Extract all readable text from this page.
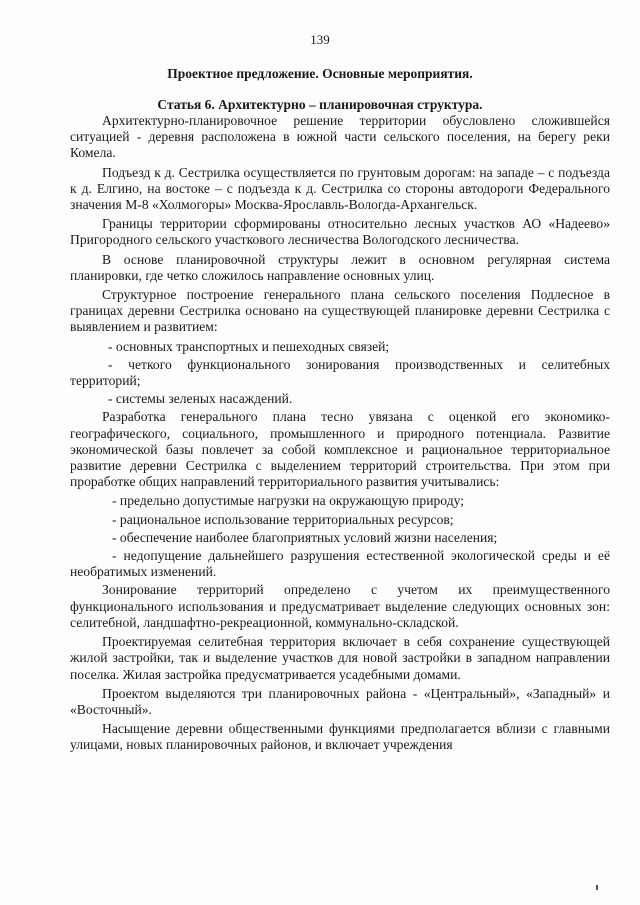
139
Проектное предложение. Основные мероприятия.
Статья 6. Архитектурно – планировочная структура.

Архитектурно-планировочное решение территории обусловлено сложившейся ситуацией - деревня расположена в южной части сельского поселения, на берегу реки Комела.

Подъезд к д. Сестрилка осуществляется по грунтовым дорогам: на западе – с подъезда к д. Елгино, на востоке – с подъезда к д. Сестрилка со стороны автодороги Федерального значения М-8 «Холмогоры» Москва-Ярославль-Вологда-Архангельск.

Границы территории сформированы относительно лесных участков АО «Надеево» Пригородного сельского участкового лесничества Вологодского лесничества.

В основе планировочной структуры лежит в основном регулярная система планировки, где четко сложилось направление основных улиц.

Структурное построение генерального плана сельского поселения Подлесное в границах деревни Сестрилка основано на существующей планировке деревни Сестрилка с выявлением и развитием:

- основных транспортных и пешеходных связей;

- четкого функционального зонирования производственных и селитебных территорий;

- системы зеленых насаждений.

Разработка генерального плана тесно увязана с оценкой его экономико-географического, социального, промышленного и природного потенциала. Развитие экономической базы повлечет за собой комплексное и рациональное территориальное развитие деревни Сестрилка с выделением территорий строительства. При этом при проработке общих направлений территориального развития учитывались:

- предельно допустимые нагрузки на окружающую природу;

- рациональное использование территориальных ресурсов;

- обеспечение наиболее благоприятных условий жизни населения;

- недопущение дальнейшего разрушения естественной экологической среды и её необратимых изменений.

Зонирование территорий определено с учетом их преимущественного функционального использования и предусматривает выделение следующих основных зон: селитебной, ландшафтно-рекреационной, коммунально-складской.

Проектируемая селитебная территория включает в себя сохранение существующей жилой застройки, так и выделение участков для новой застройки в западном направлении поселка. Жилая застройка предусматривается усадебными домами.

Проектом выделяются три планировочных района - «Центральный», «Западный» и «Восточный».

Насыщение деревни общественными функциями предполагается вблизи с главными улицами, новых планировочных районов, и включает учреждения
